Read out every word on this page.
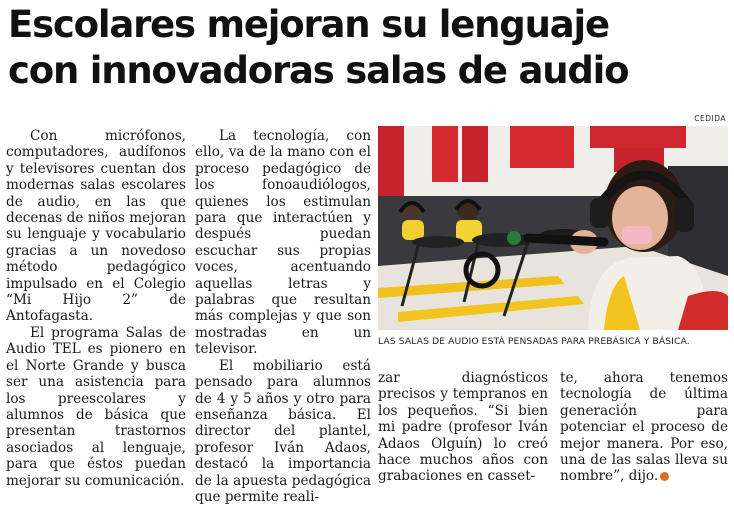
Escolares mejoran su lenguaje
con innovadoras salas de audio

Con micrófonos, computadores, audífonos y televisores cuentan dos modernas salas escolares de audio, en las que decenas de niños mejoran su lenguaje y vocabulario gracias a un novedoso método pedagógico impulsado en el Colegio “Mi Hijo 2” de Antofagasta.

El programa Salas de Audio TEL es pionero en el Norte Grande y busca ser una asistencia para los preescolares y alumnos de básica que presentan trastornos asociados al lenguaje, para que éstos puedan mejorar su comunicación.

La tecnología, con ello, va de la mano con el proceso pedagógico de los fonoaudiólogos, quienes los estimulan para que interactúen y después puedan escuchar sus propias voces, acentuando aquellas letras y palabras que resultan más complejas y que son mostradas en un televisor.

El mobiliario está pensado para alumnos de 4 y 5 años y otro para enseñanza básica. El director del plantel, profesor Iván Adaos, destacó la importancia de la apuesta pedagógica que permite reali-

CEDIDA

LAS SALAS DE AUDIO ESTÁ PENSADAS PARA PREBÁSICA Y BÁSICA.

zar diagnósticos precisos y tempranos en los pequeños. “Si bien mi padre (profesor Iván Adaos Olguín) lo creó hace muchos años con grabaciones en casset-

te, ahora tenemos tecnología de última generación para potenciar el proceso de mejor manera. Por eso, una de las salas lleva su nombre”, dijo.
